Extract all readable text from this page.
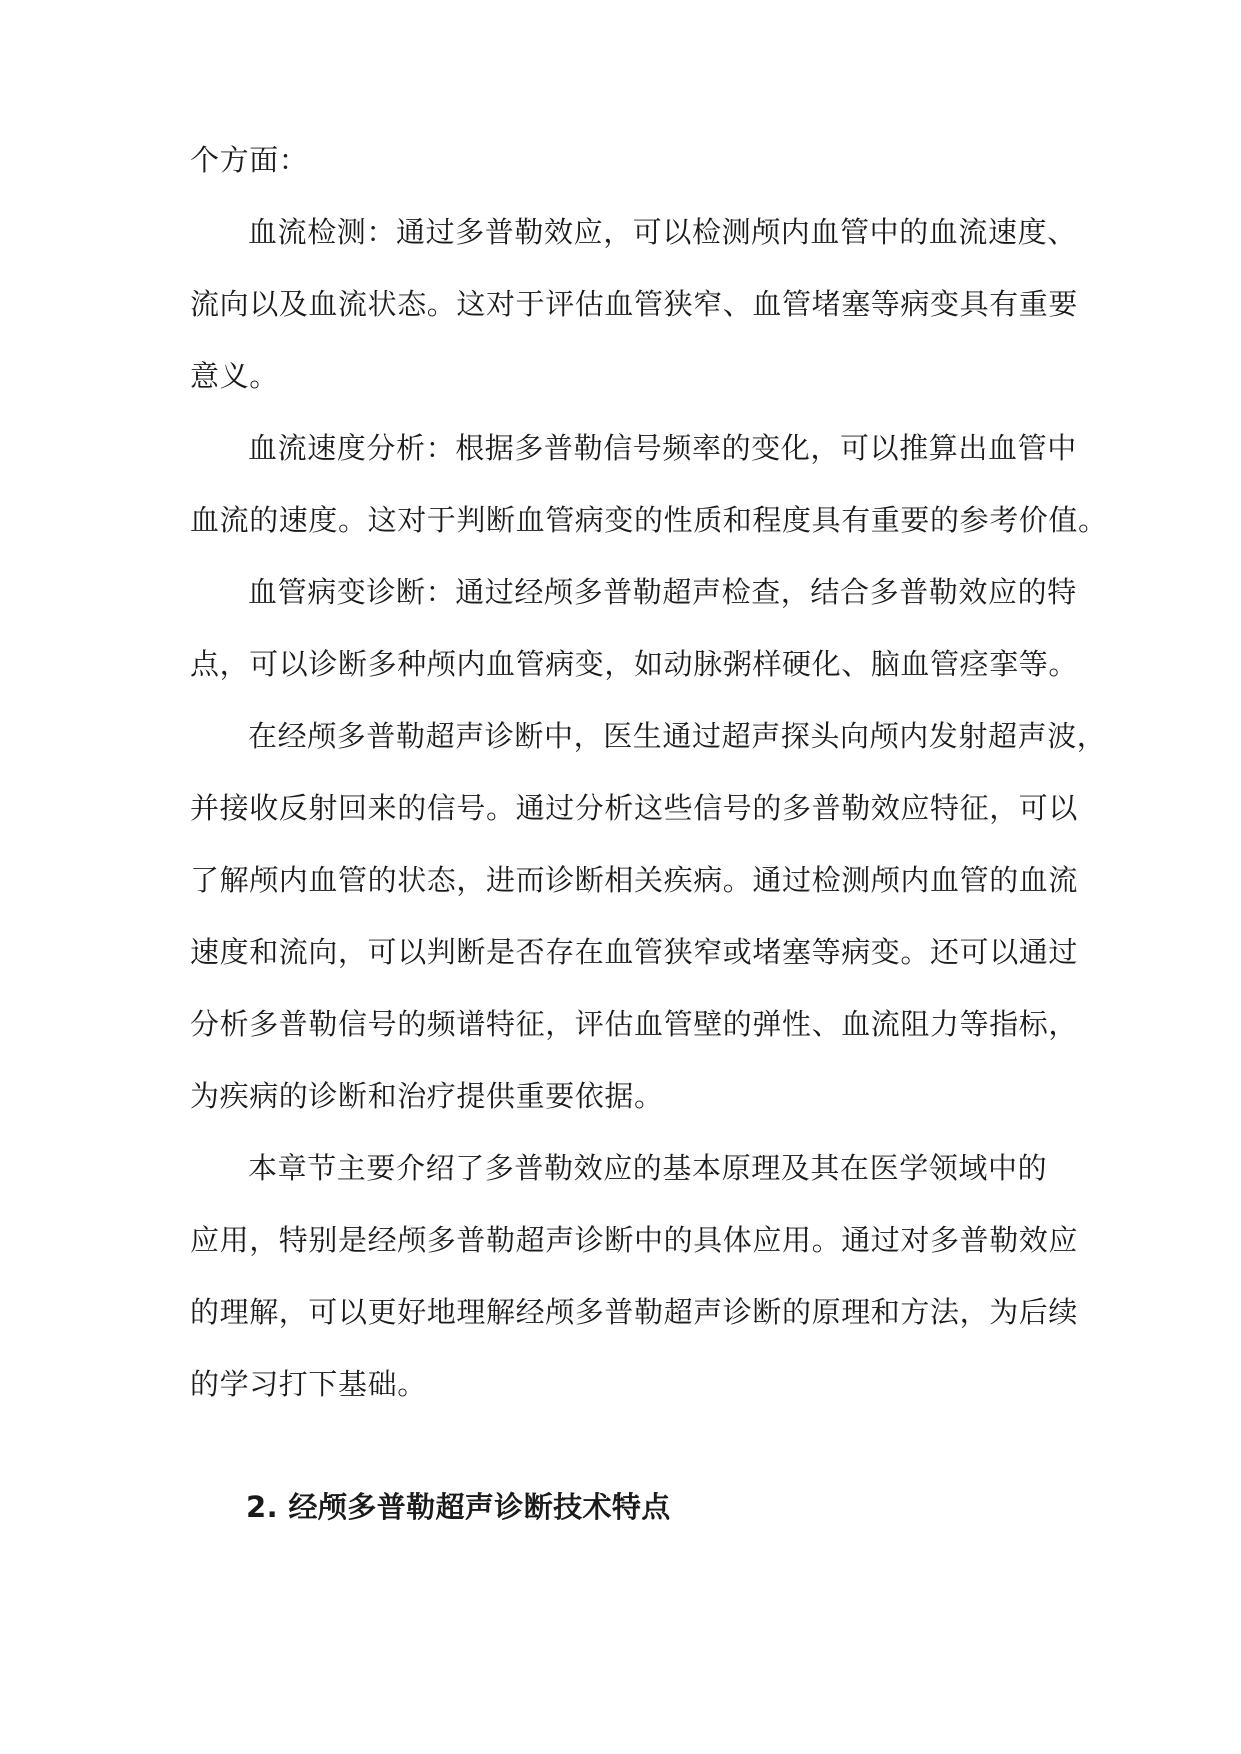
个方面：
血流检测：通过多普勒效应，可以检测颅内血管中的血流速度、
流向以及血流状态。这对于评估血管狭窄、血管堵塞等病变具有重要
意义。
血流速度分析：根据多普勒信号频率的变化，可以推算出血管中
血流的速度。这对于判断血管病变的性质和程度具有重要的参考价值。
血管病变诊断：通过经颅多普勒超声检查，结合多普勒效应的特
点，可以诊断多种颅内血管病变，如动脉粥样硬化、脑血管痉挛等。
在经颅多普勒超声诊断中，医生通过超声探头向颅内发射超声波，
并接收反射回来的信号。通过分析这些信号的多普勒效应特征，可以
了解颅内血管的状态，进而诊断相关疾病。通过检测颅内血管的血流
速度和流向，可以判断是否存在血管狭窄或堵塞等病变。还可以通过
分析多普勒信号的频谱特征，评估血管壁的弹性、血流阻力等指标，
为疾病的诊断和治疗提供重要依据。
本章节主要介绍了多普勒效应的基本原理及其在医学领域中的
应用，特别是经颅多普勒超声诊断中的具体应用。通过对多普勒效应
的理解，可以更好地理解经颅多普勒超声诊断的原理和方法，为后续
的学习打下基础。
2. 经颅多普勒超声诊断技术特点
